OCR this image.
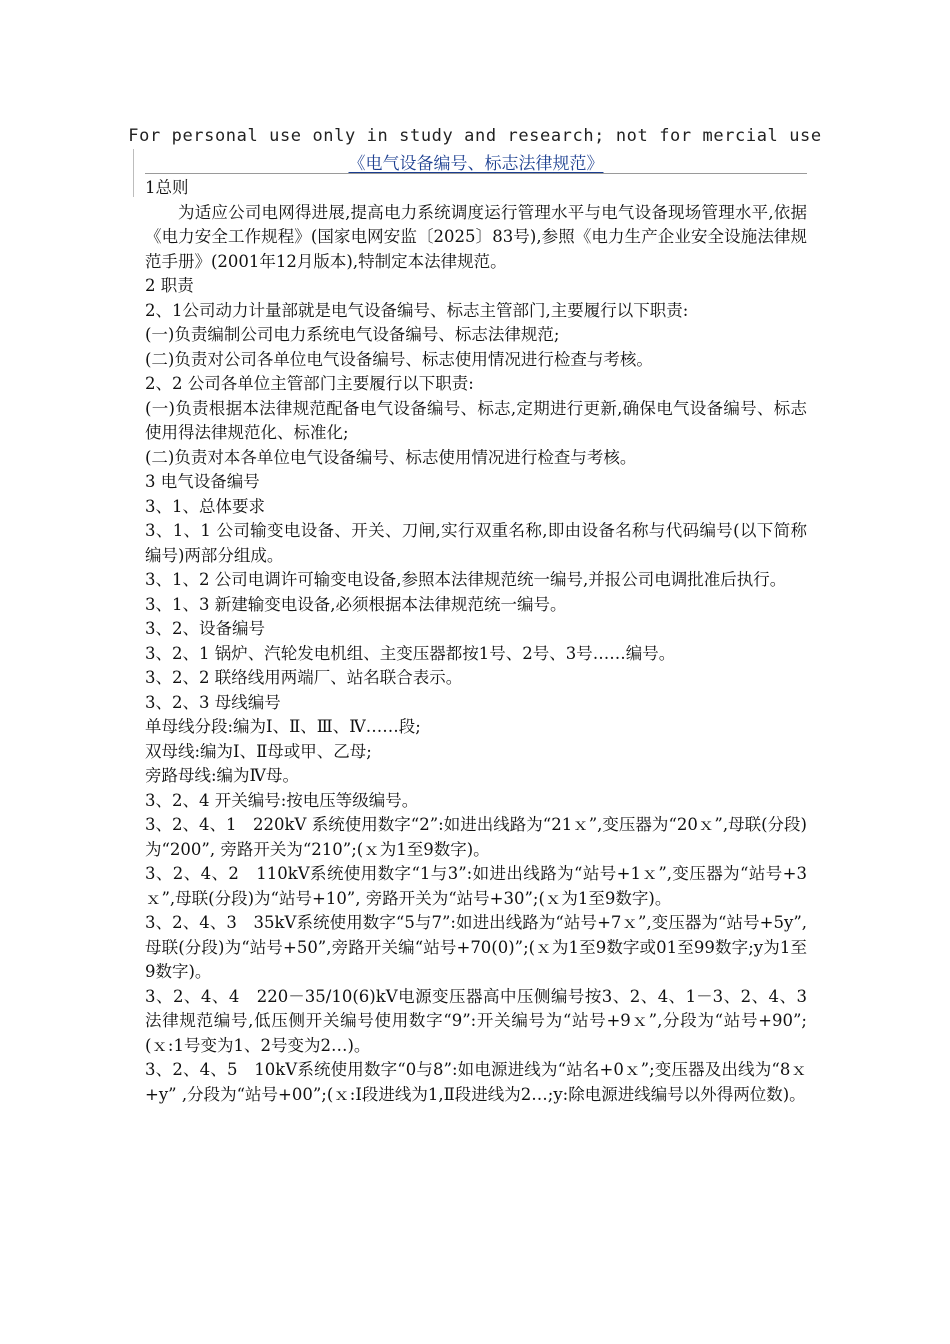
For personal use only in study and research; not for mercial use
《电气设备编号、标志法律规范》

1总则

为适应公司电网得进展,提高电力系统调度运行管理水平与电气设备现场管理水平,依据《电力安全工作规程》(国家电网安监〔2025〕83号),参照《电力生产企业安全设施法律规范手册》(2001年12月版本),特制定本法律规范。

2 职责

2、1公司动力计量部就是电气设备编号、标志主管部门,主要履行以下职责:

(一)负责编制公司电力系统电气设备编号、标志法律规范;

(二)负责对公司各单位电气设备编号、标志使用情况进行检查与考核。

2、2 公司各单位主管部门主要履行以下职责:

(一)负责根据本法律规范配备电气设备编号、标志,定期进行更新,确保电气设备编号、标志使用得法律规范化、标准化;

(二)负责对本各单位电气设备编号、标志使用情况进行检查与考核。

3 电气设备编号

3、1、总体要求

3、1、1 公司输变电设备、开关、刀闸,实行双重名称,即由设备名称与代码编号(以下简称编号)两部分组成。

3、1、2 公司电调许可输变电设备,参照本法律规范统一编号,并报公司电调批准后执行。

3、1、3 新建输变电设备,必须根据本法律规范统一编号。

3、2、设备编号

3、2、1 锅炉、汽轮发电机组、主变压器都按1号、2号、3号……编号。

3、2、2 联络线用两端厂、站名联合表示。

3、2、3 母线编号

单母线分段:编为Ⅰ、Ⅱ、Ⅲ、Ⅳ……段;

双母线:编为Ⅰ、Ⅱ母或甲、乙母;

旁路母线:编为Ⅳ母。

3、2、4 开关编号:按电压等级编号。

3、2、4、1　220kV 系统使用数字“2”:如进出线路为“21ｘ”,变压器为“20ｘ”,母联(分段)为“200”, 旁路开关为“210”;(ｘ为1至9数字)。

3、2、4、2　110kV系统使用数字“1与3”:如进出线路为“站号+1ｘ”,变压器为“站号+3ｘ”,母联(分段)为“站号+10”, 旁路开关为“站号+30”;(ｘ为1至9数字)。

3、2、4、3　35kV系统使用数字“5与7”:如进出线路为“站号+7ｘ”,变压器为“站号+5y”,母联(分段)为“站号+50”,旁路开关编“站号+70(0)”;(ｘ为1至9数字或01至99数字;y为1至9数字)。

3、2、4、4　220－35/10(6)kV电源变压器高中压侧编号按3、2、4、1－3、2、4、3法律规范编号,低压侧开关编号使用数字“9”:开关编号为“站号+9ｘ”,分段为“站号+90”;(ｘ:1号变为1、2号变为2…)。

3、2、4、5　10kV系统使用数字“0与8”:如电源进线为“站名+0ｘ”;变压器及出线为“8ｘ+y” ,分段为“站号+00”;(ｘ:Ⅰ段进线为1,Ⅱ段进线为2…;y:除电源进线编号以外得两位数)。
